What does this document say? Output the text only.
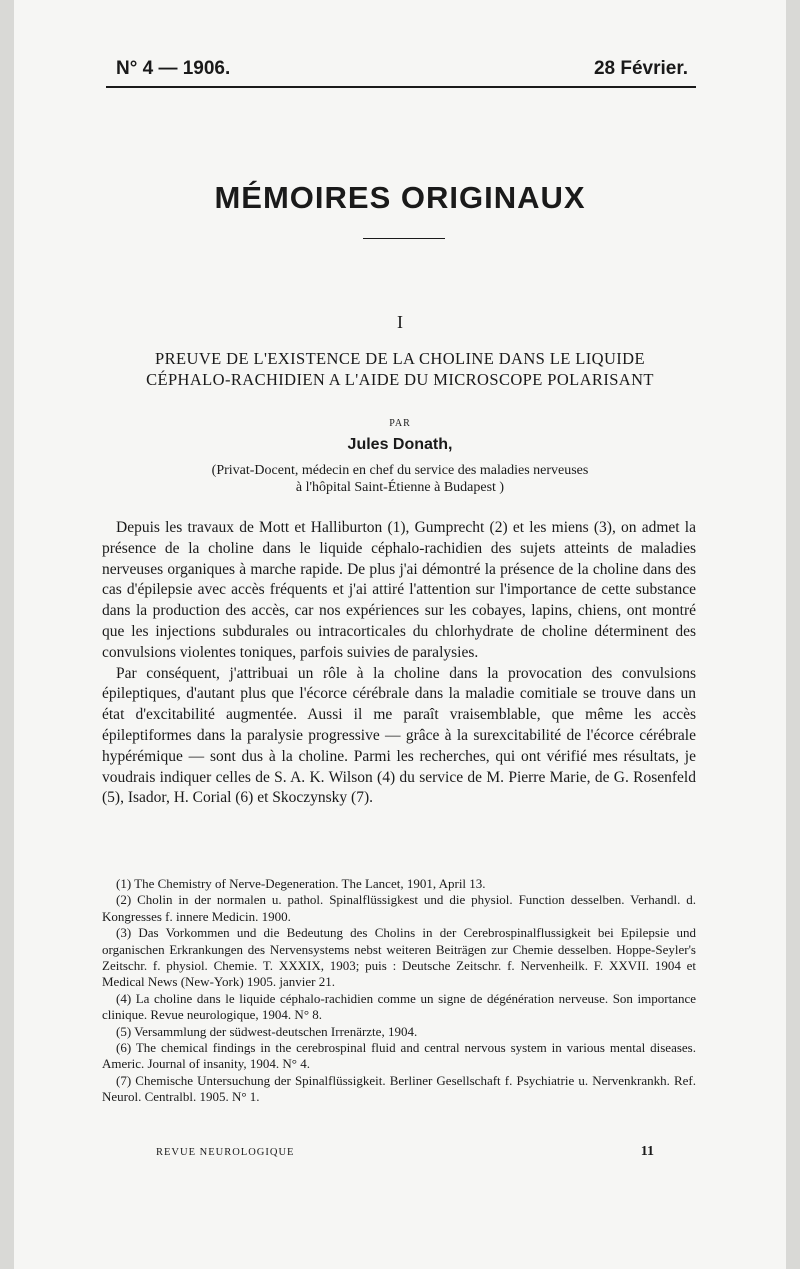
N° 4 — 1906.	28 Février.
MÉMOIRES ORIGINAUX
I
PREUVE DE L'EXISTENCE DE LA CHOLINE DANS LE LIQUIDE
CÉPHALO-RACHIDIEN A L'AIDE DU MICROSCOPE POLARISANT
PAR
Jules Donath,
(Privat-Docent, médecin en chef du service des maladies nerveuses
à l'hôpital Saint-Étienne à Budapest )

Depuis les travaux de Mott et Halliburton (1), Gumprecht (2) et les miens (3), on admet la présence de la choline dans le liquide céphalo-rachidien des sujets atteints de maladies nerveuses organiques à marche rapide. De plus j'ai démontré la présence de la choline dans des cas d'épilepsie avec accès fréquents et j'ai attiré l'attention sur l'importance de cette substance dans la production des accès, car nos expériences sur les cobayes, lapins, chiens, ont montré que les injections subdurales ou intracorticales du chlorhydrate de choline déterminent des convulsions violentes toniques, parfois suivies de paralysies.

Par conséquent, j'attribuai un rôle à la choline dans la provocation des convulsions épileptiques, d'autant plus que l'écorce cérébrale dans la maladie comitiale se trouve dans un état d'excitabilité augmentée. Aussi il me paraît vraisemblable, que même les accès épileptiformes dans la paralysie progressive — grâce à la surexcitabilité de l'écorce cérébrale hypérémique — sont dus à la choline. Parmi les recherches, qui ont vérifié mes résultats, je voudrais indiquer celles de S. A. K. Wilson (4) du service de M. Pierre Marie, de G. Rosenfeld (5), Isador, H. Corial (6) et Skoczynsky (7).

(1) The Chemistry of Nerve-Degeneration. The Lancet, 1901, April 13.

(2) Cholin in der normalen u. pathol. Spinalflüssigkest und die physiol. Function desselben. Verhandl. d. Kongresses f. innere Medicin. 1900.

(3) Das Vorkommen und die Bedeutung des Cholins in der Cerebrospinalflussigkeit bei Epilepsie und organischen Erkrankungen des Nervensystems nebst weiteren Beiträgen zur Chemie desselben. Hoppe-Seyler's Zeitschr. f. physiol. Chemie. T. XXXIX, 1903; puis : Deutsche Zeitschr. f. Nervenheilk. F. XXVII. 1904 et Medical News (New-York) 1905. janvier 21.

(4) La choline dans le liquide céphalo-rachidien comme un signe de dégénération nerveuse. Son importance clinique. Revue neurologique, 1904. N° 8.

(5) Versammlung der südwest-deutschen Irrenärzte, 1904.

(6) The chemical findings in the cerebrospinal fluid and central nervous system in various mental diseases. Americ. Journal of insanity, 1904. N° 4.

(7) Chemische Untersuchung der Spinalflüssigkeit. Berliner Gesellschaft f. Psychiatrie u. Nervenkrankh. Ref. Neurol. Centralbl. 1905. N° 1.

REVUE NEUROLOGIQUE	11
